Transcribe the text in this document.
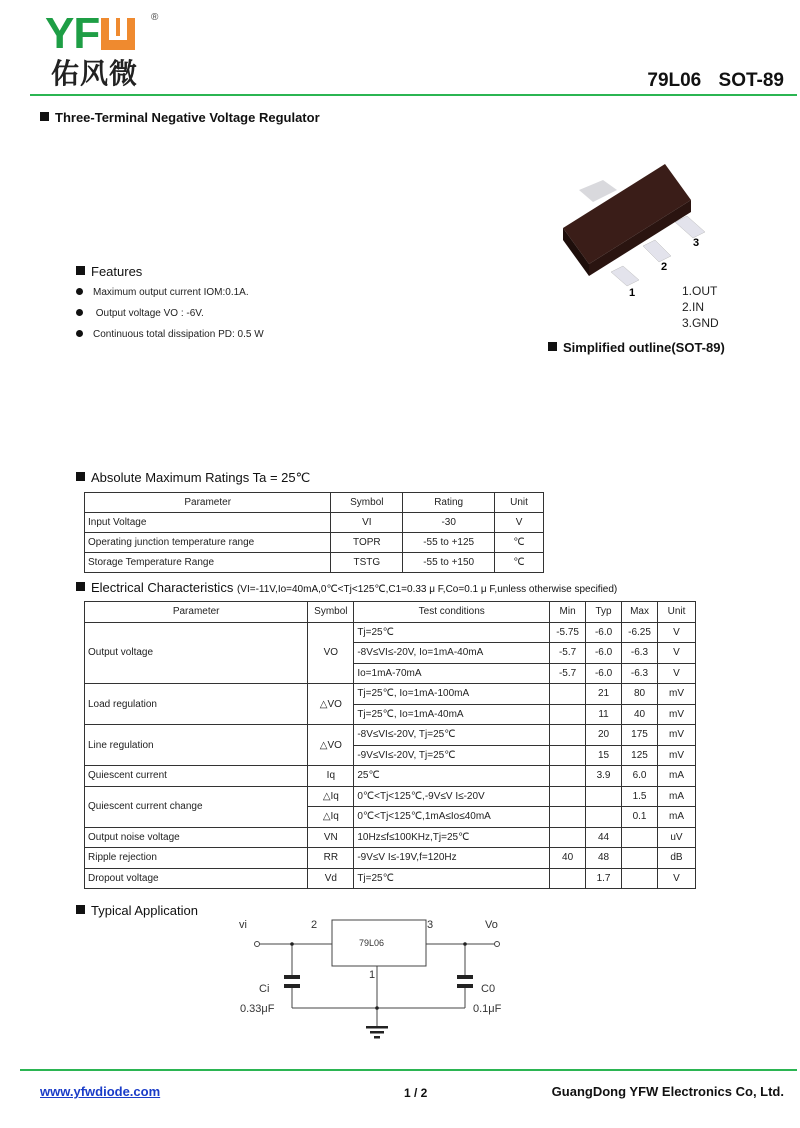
YF	®
佑风微	79L06 SOT-89
Three-Terminal Negative Voltage Regulator
1
2
3
1.OUT
2.IN
3.GND
Simplified outline(SOT-89)
Features
Maximum output current IOM:0.1A.
Output voltage VO : -6V.
Continuous total dissipation PD: 0.5 W
Absolute Maximum Ratings Ta = 25℃
Parameter	Symbol	Rating	Unit
Input Voltage	VI	-30	V
Operating junction temperature range	TOPR	-55 to +125	℃
Storage Temperature Range	TSTG	-55 to +150	℃
Electrical Characteristics (VI=-11V,Io=40mA,0℃<Tj<125℃,C1=0.33 μ F,Co=0.1 μ F,unless otherwise specified)
Parameter	Symbol	Test conditions	Min	Typ	Max	Unit
Output voltage	VO	Tj=25℃	-5.75	-6.0	-6.25	V
		-8V≤VI≤-20V, Io=1mA-40mA	-5.7	-6.0	-6.3	V
		Io=1mA-70mA	-5.7	-6.0	-6.3	V
Load regulation	△VO	Tj=25℃, Io=1mA-100mA		21	80	mV
		Tj=25℃, Io=1mA-40mA		11	40	mV
Line regulation	△VO	-8V≤VI≤-20V, Tj=25℃		20	175	mV
		-9V≤VI≤-20V, Tj=25℃		15	125	mV
Quiescent current	Iq	25℃		3.9	6.0	mA
Quiescent current change	△Iq	0℃<Tj<125℃,-9V≤V I≤-20V			1.5	mA
	△Iq	0℃<Tj<125℃,1mA≤Io≤40mA			0.1	mA
Output noise voltage	VN	10Hz≤f≤100KHz,Tj=25℃		44		uV
Ripple rejection	RR	-9V≤V I≤-19V,f=120Hz	40	48		dB
Dropout voltage	Vd	Tj=25℃		1.7		V
Typical Application
vi	2	3	Vo
79L06
1
Ci
0.33μF
C0
0.1μF
www.yfwdiode.com	1 / 2	GuangDong YFW Electronics Co, Ltd.
